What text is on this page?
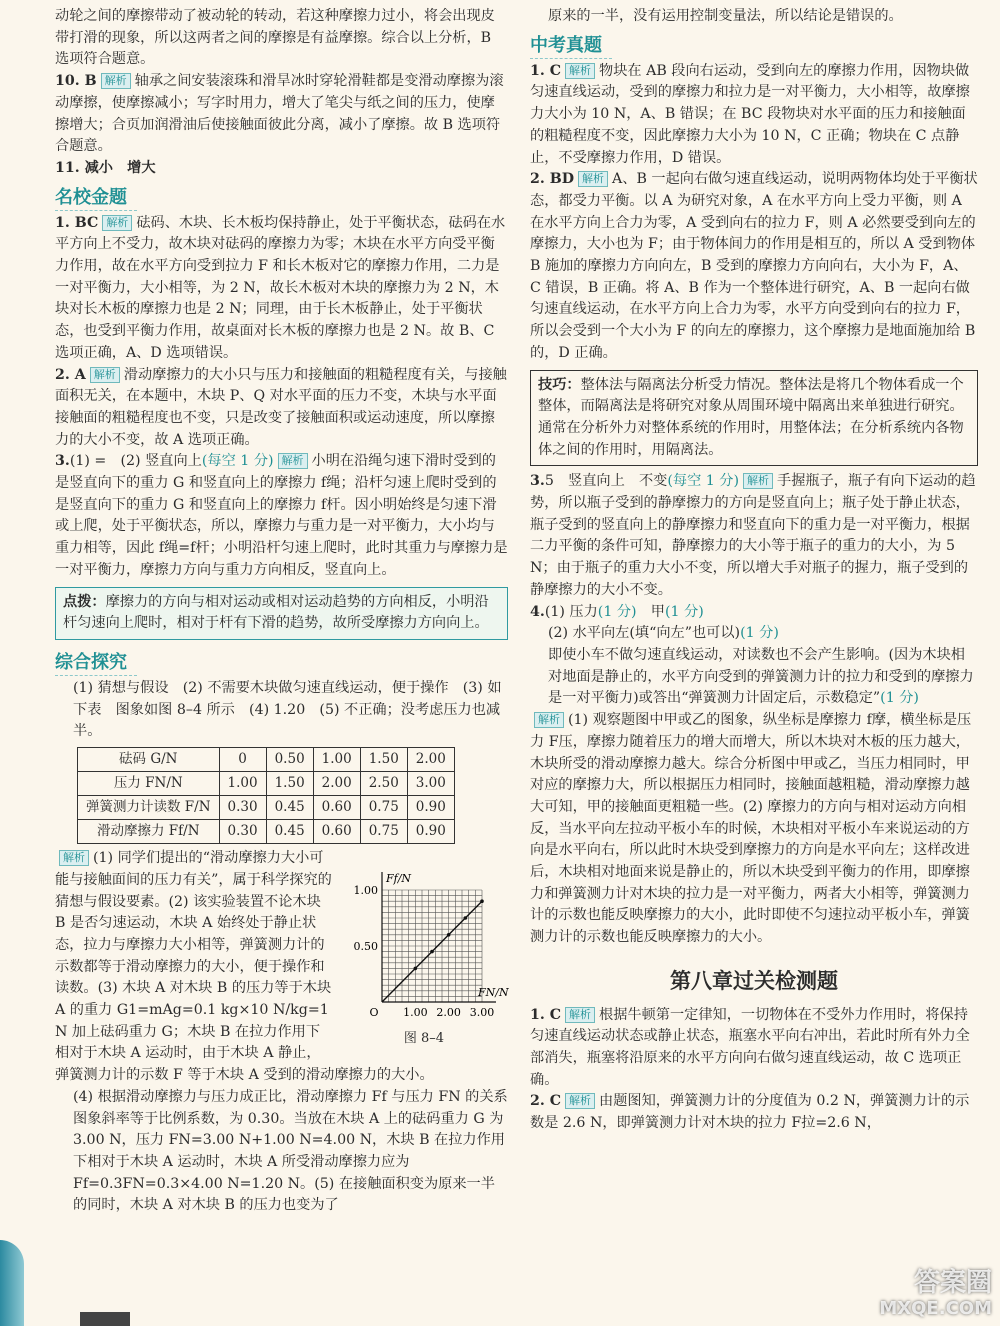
动轮之间的摩擦带动了被动轮的转动，若这种摩擦力过小，将会出现皮带打滑的现象，所以这两者之间的摩擦是有益摩擦。综合以上分析，B 选项符合题意。

10. B 解析 轴承之间安装滚珠和滑旱冰时穿轮滑鞋都是变滑动摩擦为滚动摩擦，使摩擦减小；写字时用力，增大了笔尖与纸之间的压力，使摩擦增大；合页加润滑油后使接触面彼此分离，减小了摩擦。故 B 选项符合题意。

11. 减小　增大

名校金题

1. BC 解析 砝码、木块、长木板均保持静止，处于平衡状态，砝码在水平方向上不受力，故木块对砝码的摩擦力为零；木块在水平方向受平衡力作用，故在水平方向受到拉力 F 和长木板对它的摩擦力作用，二力是一对平衡力，大小相等，为 2 N，故长木板对木块的摩擦力为 2 N，木块对长木板的摩擦力也是 2 N；同理，由于长木板静止，处于平衡状态，也受到平衡力作用，故桌面对长木板的摩擦力也是 2 N。故 B、C 选项正确，A、D 选项错误。

2. A 解析 滑动摩擦力的大小只与压力和接触面的粗糙程度有关，与接触面积无关，在本题中，木块 P、Q 对水平面的压力不变，木块与水平面接触面的粗糙程度也不变，只是改变了接触面积或运动速度，所以摩擦力的大小不变，故 A 选项正确。

3.(1) =　(2) 竖直向上(每空 1 分) 解析 小明在沿绳匀速下滑时受到的是竖直向下的重力 G 和竖直向上的摩擦力 f绳；沿杆匀速上爬时受到的是竖直向下的重力 G 和竖直向上的摩擦力 f杆。因小明始终是匀速下滑或上爬，处于平衡状态，所以，摩擦力与重力是一对平衡力，大小均与重力相等，因此 f绳=f杆；小明沿杆匀速上爬时，此时其重力与摩擦力是一对平衡力，摩擦力方向与重力方向相反，竖直向上。

点拨：摩擦力的方向与相对运动或相对运动趋势的方向相反，小明沿杆匀速向上爬时，相对于杆有下滑的趋势，故所受摩擦力方向向上。
综合探究

(1) 猜想与假设　(2) 不需要木块做匀速直线运动，便于操作　(3) 如下表　图象如图 8–4 所示　(4) 1.20　(5) 不正确；没考虑压力也减半。

砝码 G/N	0	0.50	1.00	1.50	2.00
压力 FN/N	1.00	1.50	2.00	2.50	3.00
弹簧测力计读数 F/N	0.30	0.45	0.60	0.75	0.90
滑动摩擦力 Ff/N	0.30	0.45	0.60	0.75	0.90
1.00
0.50
O 1.00 2.00 3.00
Ff/N
FN/N
图 8–4

解析 (1) 同学们提出的“滑动摩擦力大小可能与接触面间的压力有关”，属于科学探究的猜想与假设要素。(2) 该实验装置不论木块 B 是否匀速运动，木块 A 始终处于静止状态，拉力与摩擦力大小相等，弹簧测力计的示数都等于滑动摩擦力的大小，便于操作和读数。(3) 木块 A 对木块 B 的压力等于木块 A 的重力 G1=mAg=0.1 kg×10 N/kg=1 N 加上砝码重力 G；木块 B 在拉力作用下相对于木块 A 运动时，由于木块 A 静止，弹簧测力计的示数 F 等于木块 A 受到的滑动摩擦力的大小。

(4) 根据滑动摩擦力与压力成正比，滑动摩擦力 Ff 与压力 FN 的关系图象斜率等于比例系数，为 0.30。当放在木块 A 上的砝码重力 G 为 3.00 N，压力 FN=3.00 N+1.00 N=4.00 N，木块 B 在拉力作用下相对于木块 A 运动时，木块 A 所受滑动摩擦力应为 Ff=0.3FN=0.3×4.00 N=1.20 N。(5) 在接触面积变为原来一半的同时，木块 A 对木块 B 的压力也变为了

原来的一半，没有运用控制变量法，所以结论是错误的。

中考真题

1. C 解析 物块在 AB 段向右运动，受到向左的摩擦力作用，因物块做匀速直线运动，受到的摩擦力和拉力是一对平衡力，大小相等，故摩擦力大小为 10 N，A、B 错误；在 BC 段物块对水平面的压力和接触面的粗糙程度不变，因此摩擦力大小为 10 N，C 正确；物块在 C 点静止，不受摩擦力作用，D 错误。

2. BD 解析 A、B 一起向右做匀速直线运动，说明两物体均处于平衡状态，都受力平衡。以 A 为研究对象，A 在水平方向上受力平衡，则 A 在水平方向上合力为零，A 受到向右的拉力 F，则 A 必然要受到向左的摩擦力，大小也为 F；由于物体间力的作用是相互的，所以 A 受到物体 B 施加的摩擦力方向向左，B 受到的摩擦力方向向右，大小为 F，A、C 错误，B 正确。将 A、B 作为一个整体进行研究，A、B 一起向右做匀速直线运动，在水平方向上合力为零，水平方向受到向右的拉力 F，所以会受到一个大小为 F 的向左的摩擦力，这个摩擦力是地面施加给 B 的，D 正确。

技巧：整体法与隔离法分析受力情况。整体法是将几个物体看成一个整体，而隔离法是将研究对象从周围环境中隔离出来单独进行研究。通常在分析外力对整体系统的作用时，用整体法；在分析系统内各物体之间的作用时，用隔离法。

3.5　竖直向上　不变(每空 1 分) 解析 手握瓶子，瓶子有向下运动的趋势，所以瓶子受到的静摩擦力的方向是竖直向上；瓶子处于静止状态，瓶子受到的竖直向上的静摩擦力和竖直向下的重力是一对平衡力，根据二力平衡的条件可知，静摩擦力的大小等于瓶子的重力的大小，为 5 N；由于瓶子的重力大小不变，所以增大手对瓶子的握力，瓶子受到的静摩擦力的大小不变。

4.(1) 压力(1 分)　 甲(1 分)

(2) 水平向左(填“向左”也可以)(1 分)

即使小车不做匀速直线运动，对读数也不会产生影响。(因为木块相对地面是静止的，水平方向受到的弹簧测力计的拉力和受到的摩擦力是一对平衡力)或答出“弹簧测力计固定后，示数稳定”(1 分)

解析 (1) 观察题图中甲或乙的图象，纵坐标是摩擦力 f摩，横坐标是压力 F压，摩擦力随着压力的增大而增大，所以木块对木板的压力越大，木块所受的滑动摩擦力越大。综合分析图中甲或乙，当压力相同时，甲对应的摩擦力大，所以根据压力相同时，接触面越粗糙，滑动摩擦力越大可知，甲的接触面更粗糙一些。(2) 摩擦力的方向与相对运动方向相反，当水平向左拉动平板小车的时候，木块相对平板小车来说运动的方向是水平向右，所以此时木块受到摩擦力的方向是水平向左；这样改进后，木块相对地面来说是静止的，所以木块受到平衡力的作用，即摩擦力和弹簧测力计对木块的拉力是一对平衡力，两者大小相等，弹簧测力计的示数也能反映摩擦力的大小，此时即使不匀速拉动平板小车，弹簧测力计的示数也能反映摩擦力的大小。

第八章过关检测题

1. C 解析 根据牛顿第一定律知，一切物体在不受外力作用时，将保持匀速直线运动状态或静止状态，瓶塞水平向右冲出，若此时所有外力全部消失，瓶塞将沿原来的水平方向向右做匀速直线运动，故 C 选项正确。

2. C 解析 由题图知，弹簧测力计的分度值为 0.2 N，弹簧测力计的示数是 2.6 N，即弹簧测力计对木块的拉力 F拉=2.6 N，

答案圈
MXQE.COM
